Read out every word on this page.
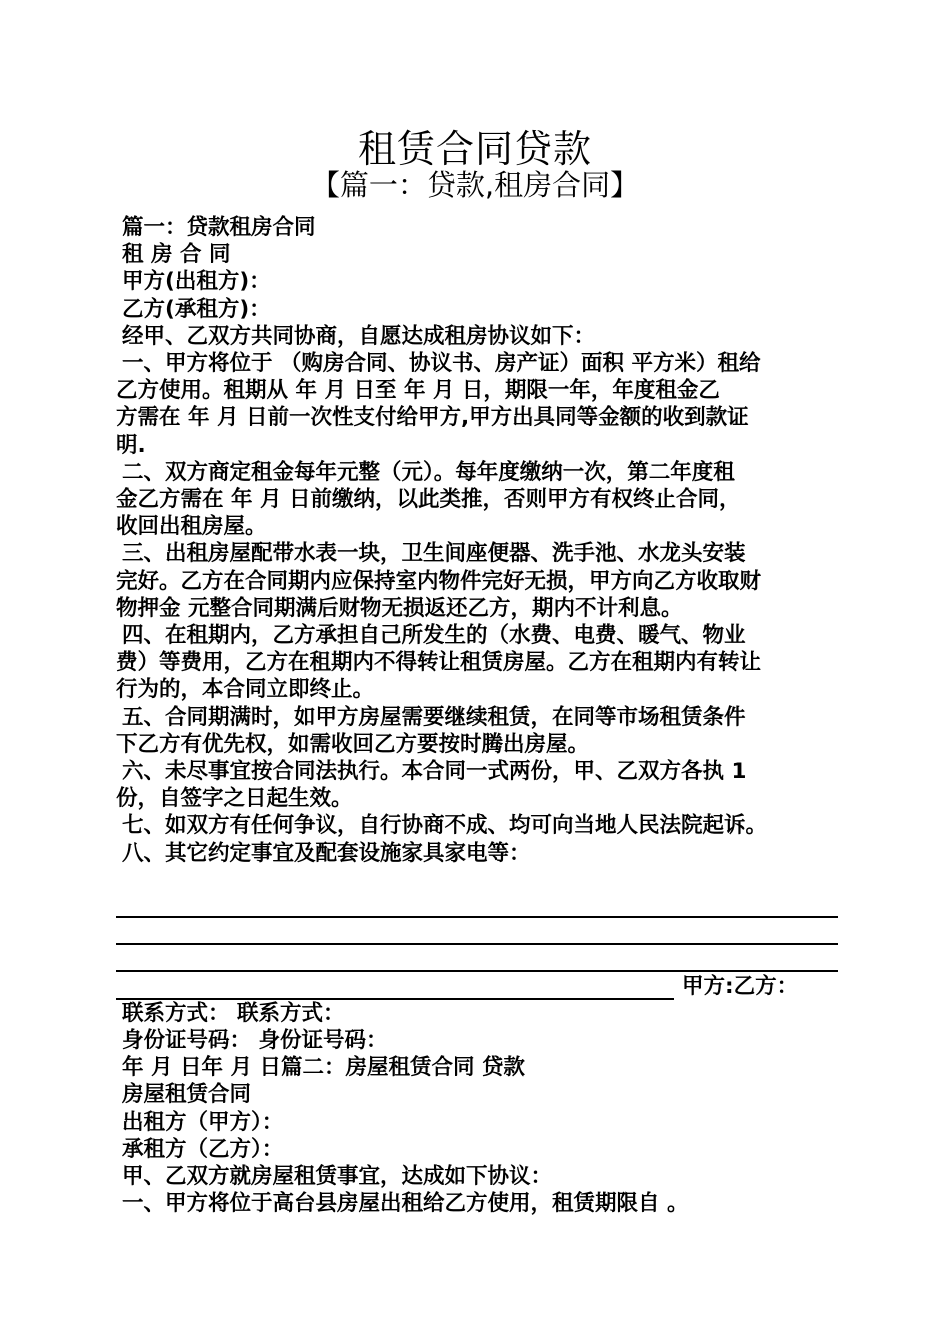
租赁合同贷款
【篇一：贷款,租房合同】

篇一：贷款租房合同

租 房 合 同

甲方(出租方)：

乙方(承租方)：

经甲、乙双方共同协商，自愿达成租房协议如下：

一、甲方将位于 （购房合同、协议书、房产证）面积 平方米）租给

乙方使用。租期从 年 月 日至 年 月 日，期限一年，年度租金乙

方需在 年 月 日前一次性支付给甲方,甲方出具同等金额的收到款证

明.

二、双方商定租金每年元整（元）。每年度缴纳一次，第二年度租

金乙方需在 年 月 日前缴纳，以此类推，否则甲方有权终止合同，

收回出租房屋。

三、出租房屋配带水表一块，卫生间座便器、洗手池、水龙头安装

完好。乙方在合同期内应保持室内物件完好无损，甲方向乙方收取财

物押金 元整合同期满后财物无损返还乙方，期内不计利息。

四、在租期内，乙方承担自己所发生的（水费、电费、暖气、物业

费）等费用，乙方在租期内不得转让租赁房屋。乙方在租期内有转让

行为的，本合同立即终止。

五、合同期满时，如甲方房屋需要继续租赁，在同等市场租赁条件

下乙方有优先权，如需收回乙方要按时腾出房屋。

六、未尽事宜按合同法执行。本合同一式两份，甲、乙双方各执 1

份，自签字之日起生效。

七、如双方有任何争议，自行协商不成、均可向当地人民法院起诉。

八、其它约定事宜及配套设施家具家电等：

甲方:乙方：

联系方式： 联系方式：

身份证号码： 身份证号码：

年 月 日年 月 日篇二：房屋租赁合同 贷款

房屋租赁合同

出租方（甲方）：

承租方（乙方）：

甲、乙双方就房屋租赁事宜，达成如下协议：

一、甲方将位于高台县房屋出租给乙方使用，租赁期限自 。
